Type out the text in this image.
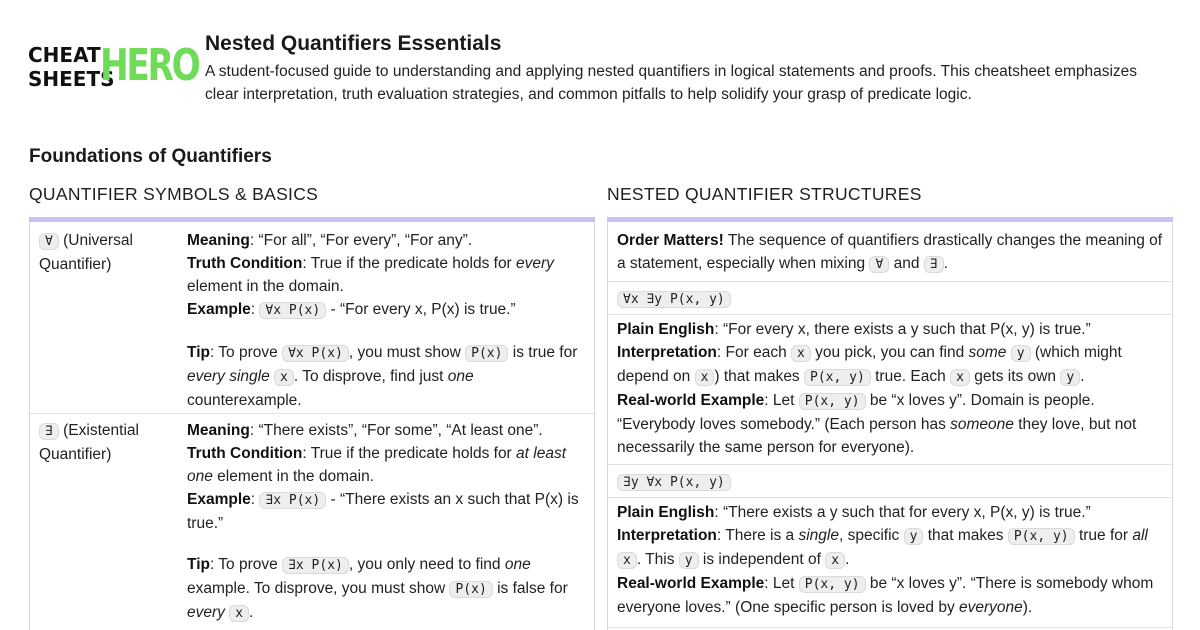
CHEAT
SHEETS
HERO Nested Quantifiers Essentials
A student-focused guide to understanding and applying nested quantifiers in logical statements and proofs. This cheatsheet emphasizes clear interpretation, truth evaluation strategies, and common pitfalls to help solidify your grasp of predicate logic.
Foundations of Quantifiers
QUANTIFIER SYMBOLS & BASICS	NESTED QUANTIFIER STRUCTURES
∀ (Universal Quantifier)
Meaning: “For all”, “For every”, “For any”.
Truth Condition: True if the predicate holds for every element in the domain.
Example: ∀x P(x) - “For every x, P(x) is true.”
Tip: To prove ∀x P(x) , you must show P(x) is true for every single x . To disprove, find just one counterexample.
∃ (Existential Quantifier)
Meaning: “There exists”, “For some”, “At least one”.
Truth Condition: True if the predicate holds for at least one element in the domain.
Example: ∃x P(x) - “There exists an x such that P(x) is true.”
Tip: To prove ∃x P(x) , you only need to find one example. To disprove, you must show P(x) is false for every x .
Order Matters! The sequence of quantifiers drastically changes the meaning of a statement, especially when mixing ∀ and ∃ .
∀x ∃y P(x, y)
Plain English: “For every x, there exists a y such that P(x, y) is true.”
Interpretation: For each x you pick, you can find some y (which might depend on x ) that makes P(x, y) true. Each x gets its own y .
Real-world Example: Let P(x, y) be “x loves y”. Domain is people. “Everybody loves somebody.” (Each person has someone they love, but not necessarily the same person for everyone).
∃y ∀x P(x, y)
Plain English: “There exists a y such that for every x, P(x, y) is true.”
Interpretation: There is a single, specific y that makes P(x, y) true for all x . This y is independent of x .
Real-world Example: Let P(x, y) be “x loves y”. “There is somebody whom everyone loves.” (One specific person is loved by everyone).
